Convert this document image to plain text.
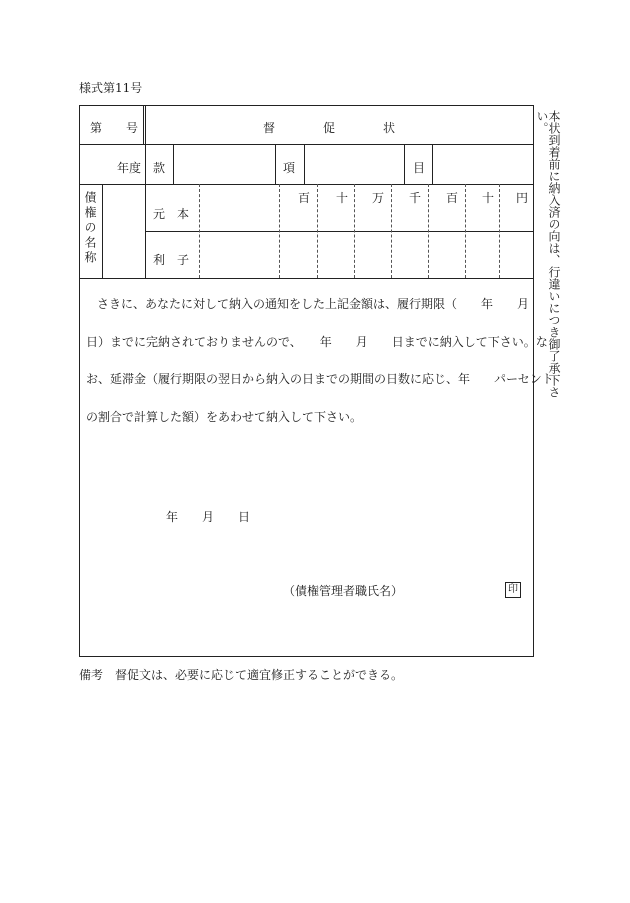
様式第11号
第　　号	督　　　　促　　　　状
年度 款	項	目
債権の名称	百 十 万 千 百 十 円
元　本
利　子
さきに、あなたに対して納入の通知をした上記金額は、履行期限（　　年　　月
日）までに完納されておりませんので、　　年　　月　　日までに納入して下さい。な
お、延滞金（履行期限の翌日から納入の日までの期間の日数に応じ、年　　パーセント
の割合で計算した額）をあわせて納入して下さい。
年　　月　　日
（債権管理者職氏名）	印
本状到着前に納入済の向は、行違いにつき御了承下さい。
備考　督促文は、必要に応じて適宜修正することができる。
